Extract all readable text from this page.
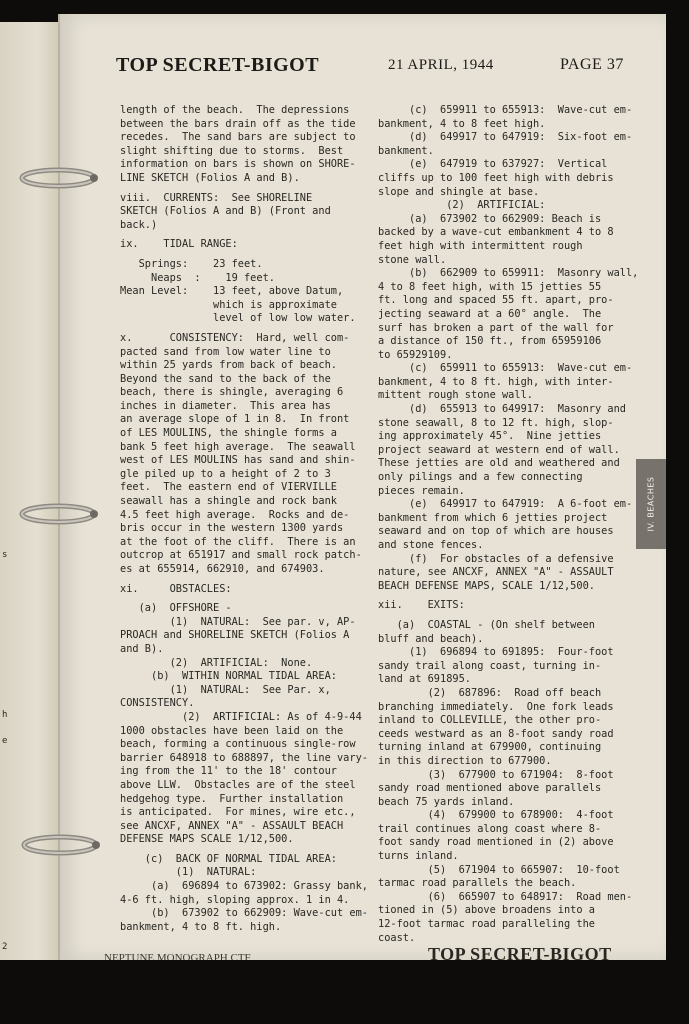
s
h
e
2
TOP SECRET-BIGOT	21 APRIL, 1944	PAGE 37

length of the beach.  The depressions

between the bars drain off as the tide

recedes.  The sand bars are subject to

slight shifting due to storms.  Best

information on bars is shown on SHORE-

LINE SKETCH (Folios A and B).

viii.  CURRENTS:  See SHORELINE

SKETCH (Folios A and B) (Front and

back.)

ix.    TIDAL RANGE:

Springs:    23 feet.

Neaps  :    19 feet.

Mean Level:    13 feet, above Datum,

which is approximate

level of low low water.

x.      CONSISTENCY:  Hard, well com-

pacted sand from low water line to

within 25 yards from back of beach.

Beyond the sand to the back of the

beach, there is shingle, averaging 6

inches in diameter.  This area has

an average slope of 1 in 8.  In front

of LES MOULINS, the shingle forms a

bank 5 feet high average.  The seawall

west of LES MOULINS has sand and shin-

gle piled up to a height of 2 to 3

feet.  The eastern end of VIERVILLE

seawall has a shingle and rock bank

4.5 feet high average.  Rocks and de-

bris occur in the western 1300 yards

at the foot of the cliff.  There is an

outcrop at 651917 and small rock patch-

es at 655914, 662910, and 674903.

xi.     OBSTACLES:

(a)  OFFSHORE -

(1)  NATURAL:  See par. v, AP-

PROACH and SHORELINE SKETCH (Folios A

and B).

(2)  ARTIFICIAL:  None.

(b)  WITHIN NORMAL TIDAL AREA:

(1)  NATURAL:  See Par. x,

CONSISTENCY.

(2)  ARTIFICIAL: As of 4-9-44

1000 obstacles have been laid on the

beach, forming a continuous single-row

barrier 648918 to 688897, the line vary-

ing from the 11' to the 18' contour

above LLW.  Obstacles are of the steel

hedgehog type.  Further installation

is anticipated.  For mines, wire etc.,

see ANCXF, ANNEX "A" - ASSAULT BEACH

DEFENSE MAPS SCALE 1/12,500.

(c)  BACK OF NORMAL TIDAL AREA:

(1)  NATURAL:

(a)  696894 to 673902: Grassy bank,

4-6 ft. high, sloping approx. 1 in 4.

(b)  673902 to 662909: Wave-cut em-

bankment, 4 to 8 ft. high.

(c)  659911 to 655913:  Wave-cut em-

bankment, 4 to 8 feet high.

(d)  649917 to 647919:  Six-foot em-

bankment.

(e)  647919 to 637927:  Vertical

cliffs up to 100 feet high with debris

slope and shingle at base.

(2)  ARTIFICIAL:

(a)  673902 to 662909: Beach is

backed by a wave-cut embankment 4 to 8

feet high with intermittent rough

stone wall.

(b)  662909 to 659911:  Masonry wall,

4 to 8 feet high, with 15 jetties 55

ft. long and spaced 55 ft. apart, pro-

jecting seaward at a 60° angle.  The

surf has broken a part of the wall for

a distance of 150 ft., from 65959106

to 65929109.

(c)  659911 to 655913:  Wave-cut em-

bankment, 4 to 8 ft. high, with inter-

mittent rough stone wall.

(d)  655913 to 649917:  Masonry and

stone seawall, 8 to 12 ft. high, slop-

ing approximately 45°.  Nine jetties

project seaward at western end of wall.

These jetties are old and weathered and

only pilings and a few connecting

pieces remain.

(e)  649917 to 647919:  A 6-foot em-

bankment from which 6 jetties project

seaward and on top of which are houses

and stone fences.

(f)  For obstacles of a defensive

nature, see ANCXF, ANNEX "A" - ASSAULT

BEACH DEFENSE MAPS, SCALE 1/12,500.

xii.    EXITS:

(a)  COASTAL - (On shelf between

bluff and beach).

(1)  696894 to 691895:  Four-foot

sandy trail along coast, turning in-

land at 691895.

(2)  687896:  Road off beach

branching immediately.  One fork leads

inland to COLLEVILLE, the other pro-

ceeds westward as an 8-foot sandy road

turning inland at 679900, continuing

in this direction to 677900.

(3)  677900 to 671904:  8-foot

sandy road mentioned above parallels

beach 75 yards inland.

(4)  679900 to 678900:  4-foot

trail continues along coast where 8-

foot sandy road mentioned in (2) above

turns inland.

(5)  671904 to 665907:  10-foot

tarmac road parallels the beach.

(6)  665907 to 648917:  Road men-

tioned in (5) above broadens into a

12-foot tarmac road paralleling the

coast.

IV. BEACHES
NEPTUNE MONOGRAPH CTF	TOP SECRET-BIGOT
